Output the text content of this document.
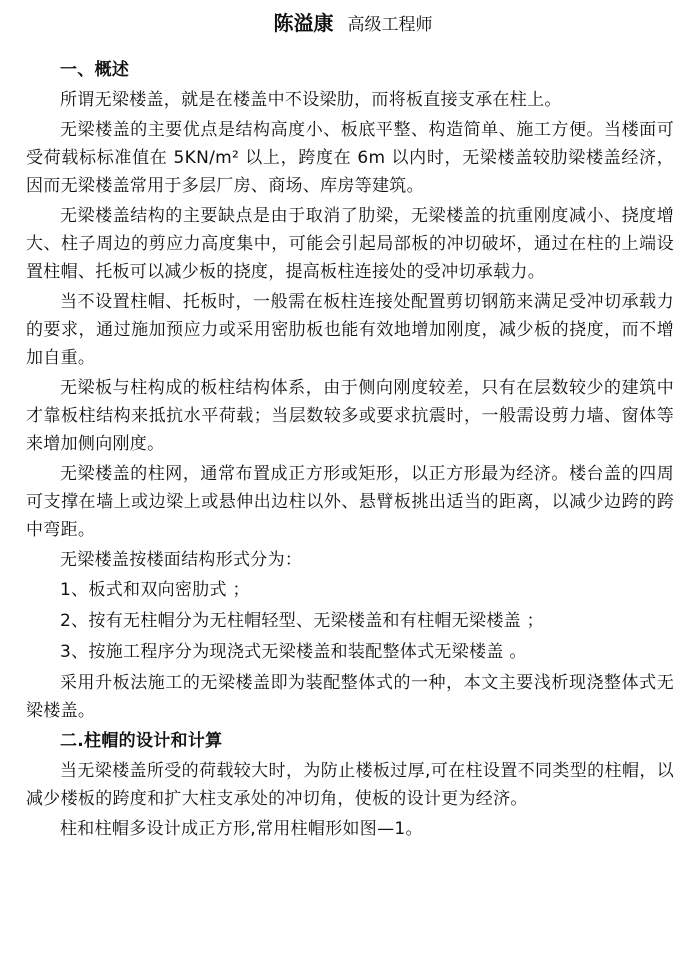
陈溢康 高级工程师
一、概述
所谓无梁楼盖，就是在楼盖中不设梁肋，而将板直接支承在柱上。
无梁楼盖的主要优点是结构高度小、板底平整、构造简单、施工方便。当楼面可受荷载标标准值在 5KN/m² 以上，跨度在 6m 以内时，无梁楼盖较肋梁楼盖经济，因而无梁楼盖常用于多层厂房、商场、库房等建筑。
无梁楼盖结构的主要缺点是由于取消了肋梁，无梁楼盖的抗重刚度减小、挠度增大、柱子周边的剪应力高度集中，可能会引起局部板的冲切破坏，通过在柱的上端设置柱帽、托板可以减少板的挠度，提高板柱连接处的受冲切承载力。
当不设置柱帽、托板时，一般需在板柱连接处配置剪切钢筋来满足受冲切承载力的要求，通过施加预应力或采用密肋板也能有效地增加刚度，减少板的挠度，而不增加自重。
无梁板与柱构成的板柱结构体系，由于侧向刚度较差，只有在层数较少的建筑中才靠板柱结构来抵抗水平荷载；当层数较多或要求抗震时，一般需设剪力墙、窗体等来增加侧向刚度。
无梁楼盖的柱网，通常布置成正方形或矩形，以正方形最为经济。楼台盖的四周可支撑在墙上或边梁上或悬伸出边柱以外、悬臂板挑出适当的距离，以减少边跨的跨中弯距。
无梁楼盖按楼面结构形式分为：
1、板式和双向密肋式 ；
2、按有无柱帽分为无柱帽轻型、无梁楼盖和有柱帽无梁楼盖 ；
3、按施工程序分为现浇式无梁楼盖和装配整体式无梁楼盖 。
采用升板法施工的无梁楼盖即为装配整体式的一种，本文主要浅析现浇整体式无梁楼盖。
二.柱帽的设计和计算
当无梁楼盖所受的荷载较大时，为防止楼板过厚,可在柱设置不同类型的柱帽，以减少楼板的跨度和扩大柱支承处的冲切角，使板的设计更为经济。
柱和柱帽多设计成正方形,常用柱帽形如图—1。
